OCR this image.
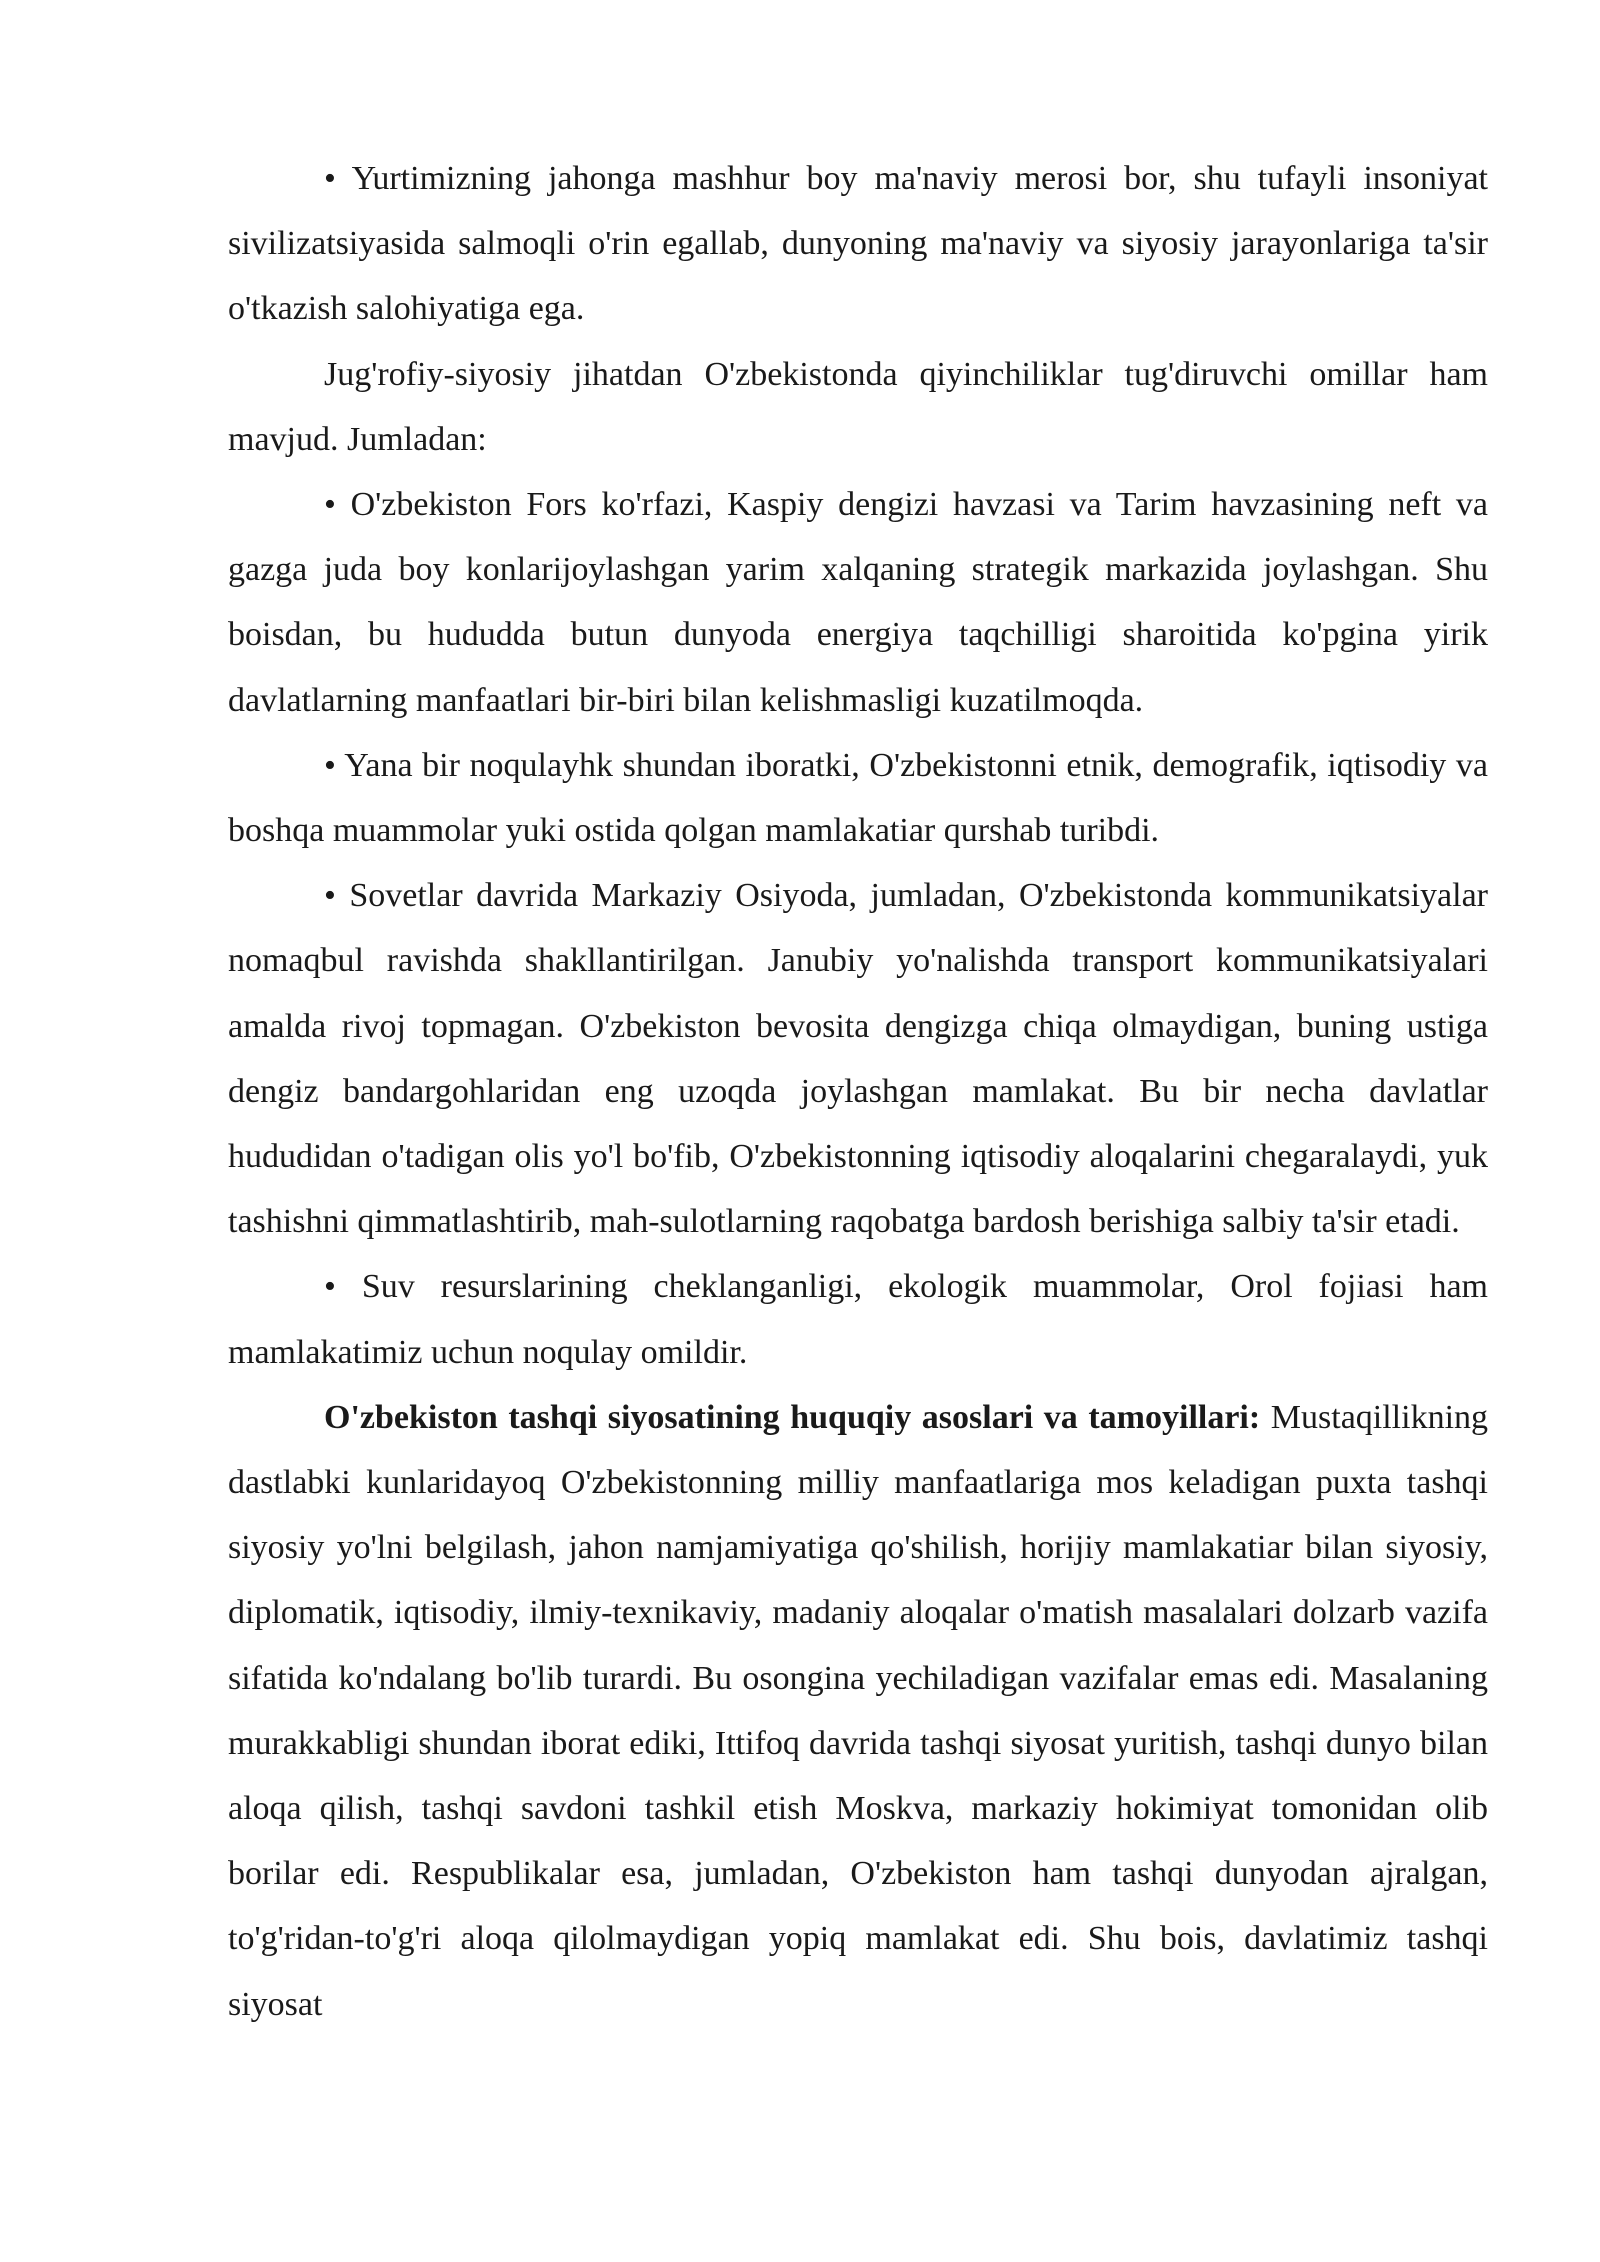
• Yurtimizning jahonga mashhur boy ma'naviy merosi bor, shu tufayli insoniyat sivilizatsiyasida salmoqli o'rin egallab, dunyoning ma'naviy va siyosiy jarayonlariga ta'sir o'tkazish salohiyatiga ega.

Jug'rofiy-siyosiy jihatdan O'zbekistonda qiyinchiliklar tug'diruvchi omillar ham mavjud. Jumladan:

• O'zbekiston Fors ko'rfazi, Kaspiy dengizi havzasi va Tarim havzasining neft va gazga juda boy konlarijoylashgan yarim xalqaning strategik markazida joylashgan. Shu boisdan, bu hududda butun dunyoda energiya taqchilligi sharoitida ko'pgina yirik davlatlarning manfaatlari bir-biri bilan kelishmasligi kuzatilmoqda.

• Yana bir noqulayhk shundan iboratki, O'zbekistonni etnik, demografik, iqtisodiy va boshqa muammolar yuki ostida qolgan mamlakatiar qurshab turibdi.

• Sovetlar davrida Markaziy Osiyoda, jumladan, O'zbekistonda kommunikatsiyalar nomaqbul ravishda shakllantirilgan. Janubiy yo'nalishda transport kommunikatsiyalari amalda rivoj topmagan. O'zbekiston bevosita dengizga chiqa olmaydigan, buning ustiga dengiz bandargohlaridan eng uzoqda joylashgan mamlakat. Bu bir necha davlatlar hududidan o'tadigan olis yo'l bo'fib, O'zbekistonning iqtisodiy aloqalarini chegaralaydi, yuk tashishni qimmatlashtirib, mah-sulotlarning raqobatga bardosh berishiga salbiy ta'sir etadi.

• Suv resurslarining cheklanganligi, ekologik muammolar, Orol fojiasi ham mamlakatimiz uchun noqulay omildir.

O'zbekiston tashqi siyosatining huquqiy asoslari va tamoyillari: Mustaqillikning dastlabki kunlaridayoq O'zbekistonning milliy manfaatlariga mos keladigan puxta tashqi siyosiy yo'lni belgilash, jahon namjamiyatiga qo'shilish, horijiy mamlakatiar bilan siyosiy, diplomatik, iqtisodiy, ilmiy-texnikaviy, madaniy aloqalar o'matish masalalari dolzarb vazifa sifatida ko'ndalang bo'lib turardi. Bu osongina yechiladigan vazifalar emas edi. Masalaning murakkabligi shundan iborat ediki, Ittifoq davrida tashqi siyosat yuritish, tashqi dunyo bilan aloqa qilish, tashqi savdoni tashkil etish Moskva, markaziy hokimiyat tomonidan olib borilar edi. Respublikalar esa, jumladan, O'zbekiston ham tashqi dunyodan ajralgan, to'g'ridan-to'g'ri aloqa qilolmaydigan yopiq mamlakat edi. Shu bois, davlatimiz tashqi siyosat
